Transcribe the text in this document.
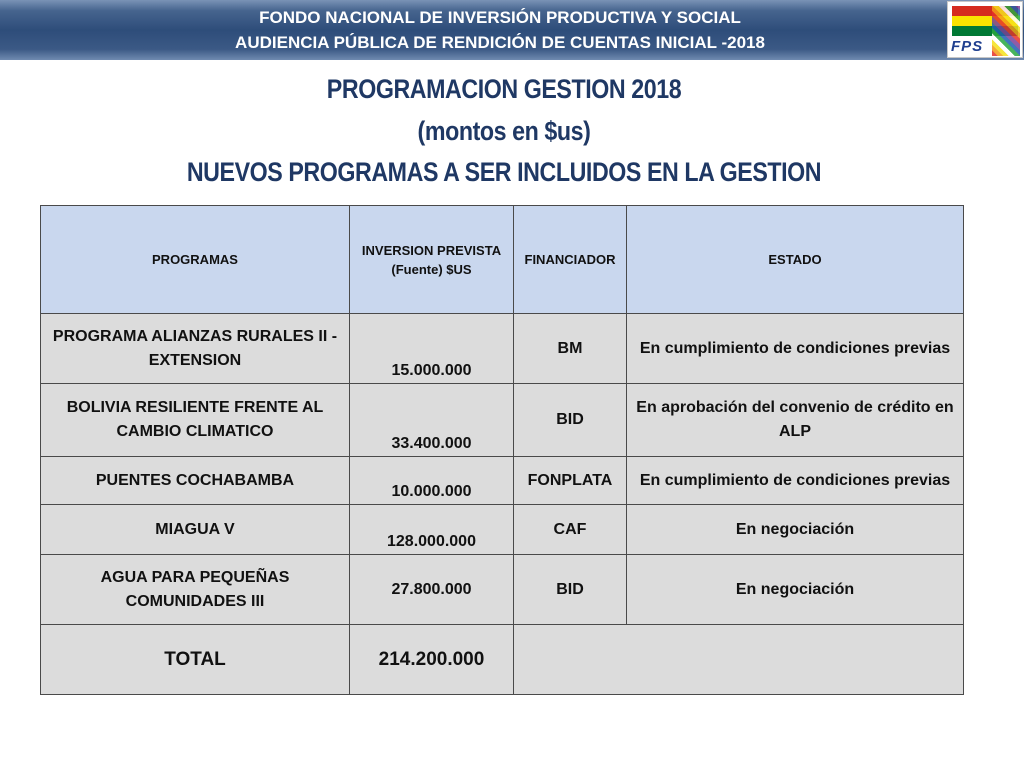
FONDO NACIONAL DE INVERSIÓN PRODUCTIVA Y SOCIAL
AUDIENCIA PÚBLICA DE RENDICIÓN DE CUENTAS INICIAL -2018	FPS
PROGRAMACION GESTION 2018
(montos en $us)
NUEVOS PROGRAMAS A SER INCLUIDOS EN LA GESTION
PROGRAMAS	INVERSION PREVISTA (Fuente) $US	FINANCIADOR	ESTADO
PROGRAMA ALIANZAS RURALES II - EXTENSION	15.000.000	BM	En cumplimiento de condiciones previas
BOLIVIA RESILIENTE FRENTE AL CAMBIO CLIMATICO	33.400.000	BID	En aprobación del convenio de crédito en ALP
PUENTES COCHABAMBA	10.000.000	FONPLATA	En cumplimiento de condiciones previas
MIAGUA V	128.000.000	CAF	En negociación
AGUA PARA PEQUEÑAS COMUNIDADES III	27.800.000	BID	En negociación
TOTAL	214.200.000		
